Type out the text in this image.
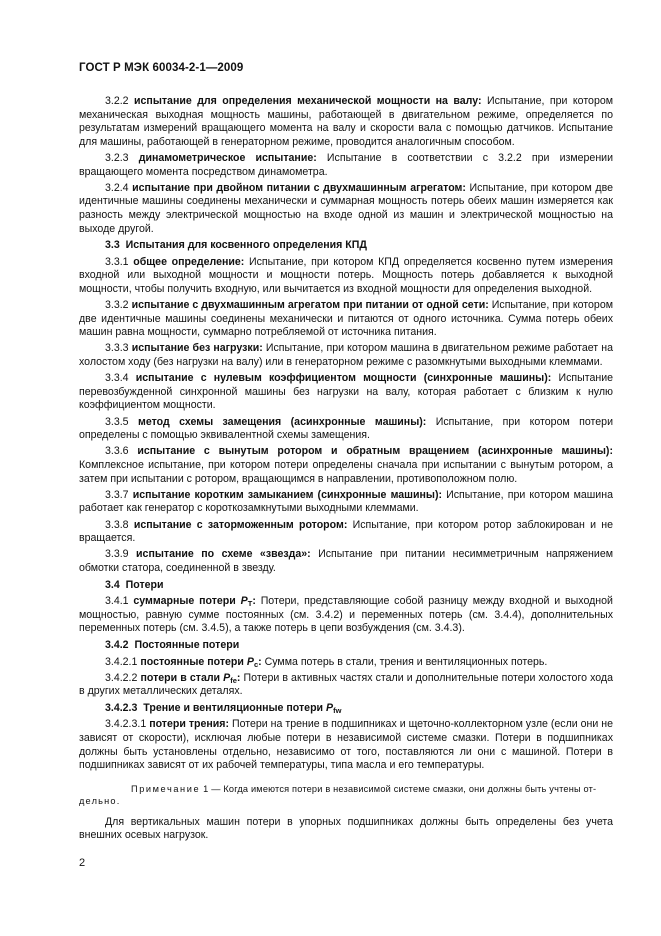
ГОСТ Р МЭК 60034-2-1—2009

3.2.2 испытание для определения механической мощности на валу: Испытание, при котором механическая выходная мощность машины, работающей в двигательном режиме, определяется по результатам измерений вращающего момента на валу и скорости вала с помощью датчиков. Испытание для машины, работающей в генераторном режиме, проводится аналогичным способом.

3.2.3 динамометрическое испытание: Испытание в соответствии с 3.2.2 при измерении вращающего момента посредством динамометра.

3.2.4 испытание при двойном питании с двухмашинным агрегатом: Испытание, при котором две идентичные машины соединены механически и суммарная мощность потерь обеих машин измеряется как разность между электрической мощностью на входе одной из машин и электрической мощностью на выходе другой.

3.3 Испытания для косвенного определения КПД

3.3.1 общее определение: Испытание, при котором КПД определяется косвенно путем измерения входной или выходной мощности и мощности потерь. Мощность потерь добавляется к выходной мощности, чтобы получить входную, или вычитается из входной мощности для определения выходной.

3.3.2 испытание с двухмашинным агрегатом при питании от одной сети: Испытание, при котором две идентичные машины соединены механически и питаются от одного источника. Сумма потерь обеих машин равна мощности, суммарно потребляемой от источника питания.

3.3.3 испытание без нагрузки: Испытание, при котором машина в двигательном режиме работает на холостом ходу (без нагрузки на валу) или в генераторном режиме с разомкнутыми выходными клеммами.

3.3.4 испытание с нулевым коэффициентом мощности (синхронные машины): Испытание перевозбужденной синхронной машины без нагрузки на валу, которая работает с близким к нулю коэффициентом мощности.

3.3.5 метод схемы замещения (асинхронные машины): Испытание, при котором потери определены с помощью эквивалентной схемы замещения.

3.3.6 испытание с вынутым ротором и обратным вращением (асинхронные машины): Комплексное испытание, при котором потери определены сначала при испытании с вынутым ротором, а затем при испытании с ротором, вращающимся в направлении, противоположном полю.

3.3.7 испытание коротким замыканием (синхронные машины): Испытание, при котором машина работает как генератор с короткозамкнутыми выходными клеммами.

3.3.8 испытание с заторможенным ротором: Испытание, при котором ротор заблокирован и не вращается.

3.3.9 испытание по схеме «звезда»: Испытание при питании несимметричным напряжением обмотки статора, соединенной в звезду.

3.4 Потери

3.4.1 суммарные потери $P_T$: Потери, представляющие собой разницу между входной и выходной мощностью, равную сумме постоянных (см. 3.4.2) и переменных потерь (см. 3.4.4), дополнительных переменных потерь (см. 3.4.5), а также потерь в цепи возбуждения (см. 3.4.3).

3.4.2 Постоянные потери

3.4.2.1 постоянные потери $P_c$: Сумма потерь в стали, трения и вентиляционных потерь.

3.4.2.2 потери в стали $P_{fe}$: Потери в активных частях стали и дополнительные потери холостого хода в других металлических деталях.

3.4.2.3 Трение и вентиляционные потери $P_{fw}$

3.4.2.3.1 потери трения: Потери на трение в подшипниках и щеточно-коллекторном узле (если они не зависят от скорости), исключая любые потери в независимой системе смазки. Потери в подшипниках должны быть установлены отдельно, независимо от того, поставляются ли они с машиной. Потери в подшипниках зависят от их рабочей температуры, типа масла и его температуры.

Примечание 1 — Когда имеются потери в независимой системе смазки, они должны быть учтены от-
дельно.

Для вертикальных машин потери в упорных подшипниках должны быть определены без учета внешних осевых нагрузок.

2
